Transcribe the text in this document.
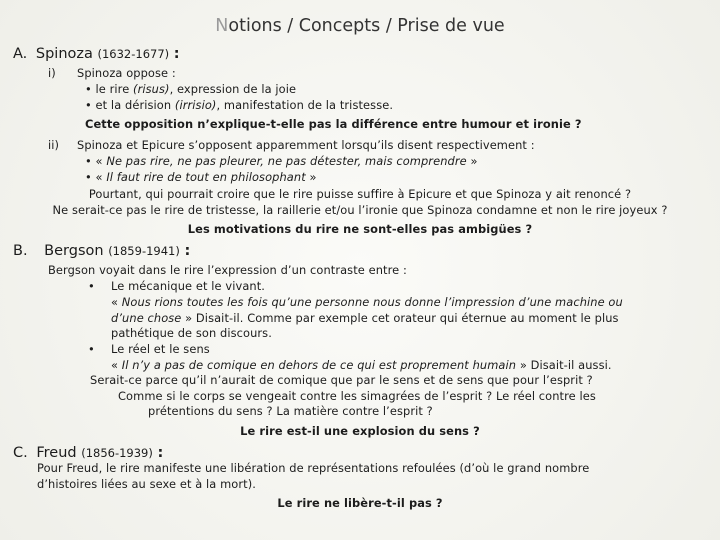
Notions / Concepts / Prise de vue
A. Spinoza (1632-1677) :
i) Spinoza oppose :
• le rire (risus), expression de la joie
• et la dérision (irrisio), manifestation de la tristesse.
Cette opposition n’explique-t-elle pas la différence entre humour et ironie ?
ii) Spinoza et Epicure s’opposent apparemment lorsqu’ils disent respectivement :
• « Ne pas rire, ne pas pleurer, ne pas détester, mais comprendre »
• « Il faut rire de tout en philosophant »
Pourtant, qui pourrait croire que le rire puisse suffire à Epicure et que Spinoza y ait renoncé ?
Ne serait-ce pas le rire de tristesse, la raillerie et/ou l’ironie que Spinoza condamne et non le rire joyeux ?
Les motivations du rire ne sont-elles pas ambigües ?
B. Bergson (1859-1941) :
Bergson voyait dans le rire l’expression d’un contraste entre :
• Le mécanique et le vivant.
« Nous rions toutes les fois qu’une personne nous donne l’impression d’une machine ou
d’une chose » Disait-il. Comme par exemple cet orateur qui éternue au moment le plus
pathétique de son discours.
• Le réel et le sens
« Il n’y a pas de comique en dehors de ce qui est proprement humain » Disait-il aussi.
Serait-ce parce qu’il n’aurait de comique que par le sens et de sens que pour l’esprit ?
Comme si le corps se vengeait contre les simagrées de l’esprit ? Le réel contre les
prétentions du sens ? La matière contre l’esprit ?
Le rire est-il une explosion du sens ?
C. Freud (1856-1939) :
Pour Freud, le rire manifeste une libération de représentations refoulées (d’où le grand nombre
d’histoires liées au sexe et à la mort).
Le rire ne libère-t-il pas ?
